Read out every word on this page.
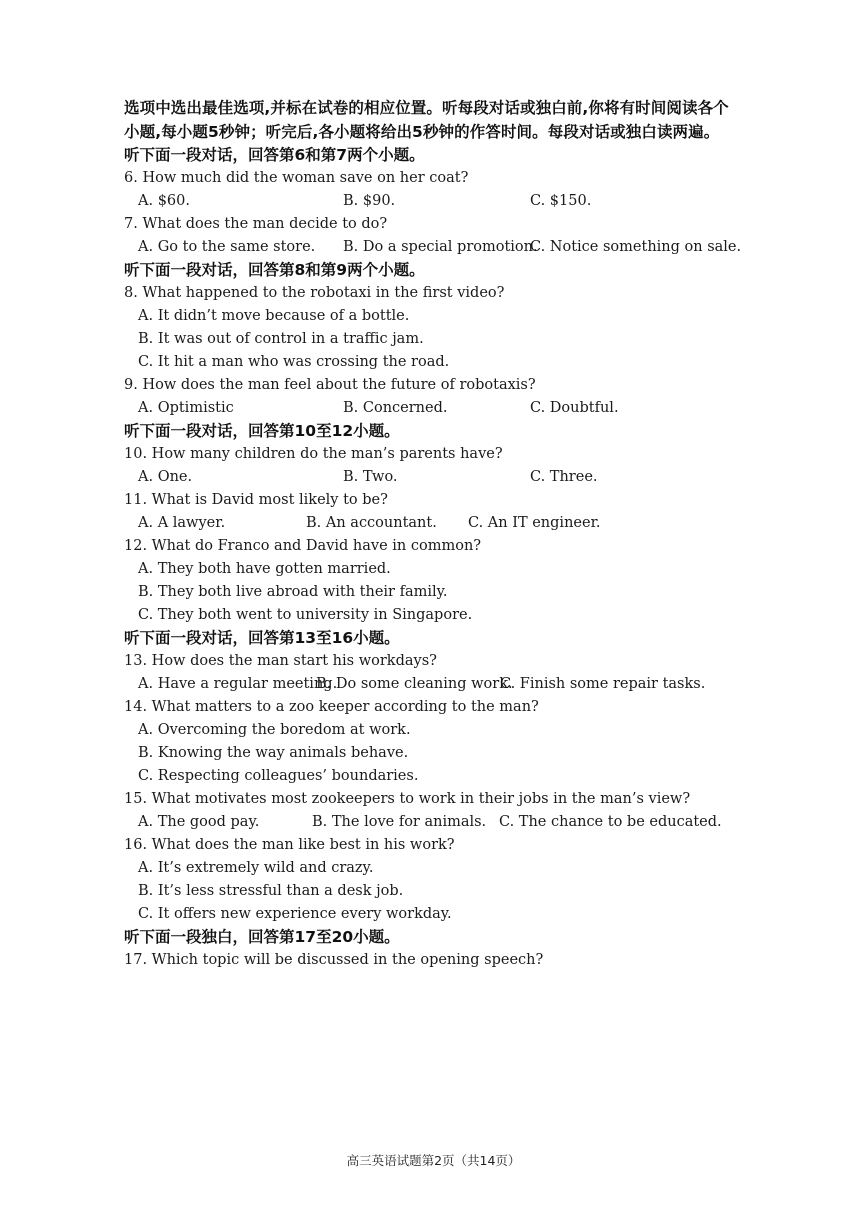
选项中选出最佳选项,并标在试卷的相应位置。听每段对话或独白前,你将有时间阅读各个
小题,每小题5秒钟；听完后,各小题将给出5秒钟的作答时间。每段对话或独白读两遍。
听下面一段对话，回答第6和第7两个小题。
6. How much did the woman save on her coat?
A. $60.	B. $90.	C. $150.
7. What does the man decide to do?
A. Go to the same store. B. Do a special promotion.
C. Notice something on sale.
听下面一段对话，回答第8和第9两个小题。
8. What happened to the robotaxi in the first video?
A. It didn’t move because of a bottle.
B. It was out of control in a traffic jam.
C. It hit a man who was crossing the road.
9. How does the man feel about the future of robotaxis?
A. Optimistic	B. Concerned.	C. Doubtful.
听下面一段对话，回答第10至12小题。
10. How many children do the man’s parents have?
A. One.	B. Two.	C. Three.
11. What is David most likely to be?
A. A lawyer.	B. An accountant. C. An IT engineer.
12. What do Franco and David have in common?
A. They both have gotten married.
B. They both live abroad with their family.
C. They both went to university in Singapore.
听下面一段对话，回答第13至16小题。
13. How does the man start his workdays?
A. Have a regular meeting.
B. Do some cleaning work.
C. Finish some repair tasks.
14. What matters to a zoo keeper according to the man?
A. Overcoming the boredom at work.
B. Knowing the way animals behave.
C. Respecting colleagues’ boundaries.
15. What motivates most zookeepers to work in their jobs in the man’s view?
A. The good pay.	B. The love for animals. C. The chance to be educated.
16. What does the man like best in his work?
A. It’s extremely wild and crazy.
B. It’s less stressful than a desk job.
C. It offers new experience every workday.
听下面一段独白，回答第17至20小题。
17. Which topic will be discussed in the opening speech?
高三英语试题第2页（共14页）
